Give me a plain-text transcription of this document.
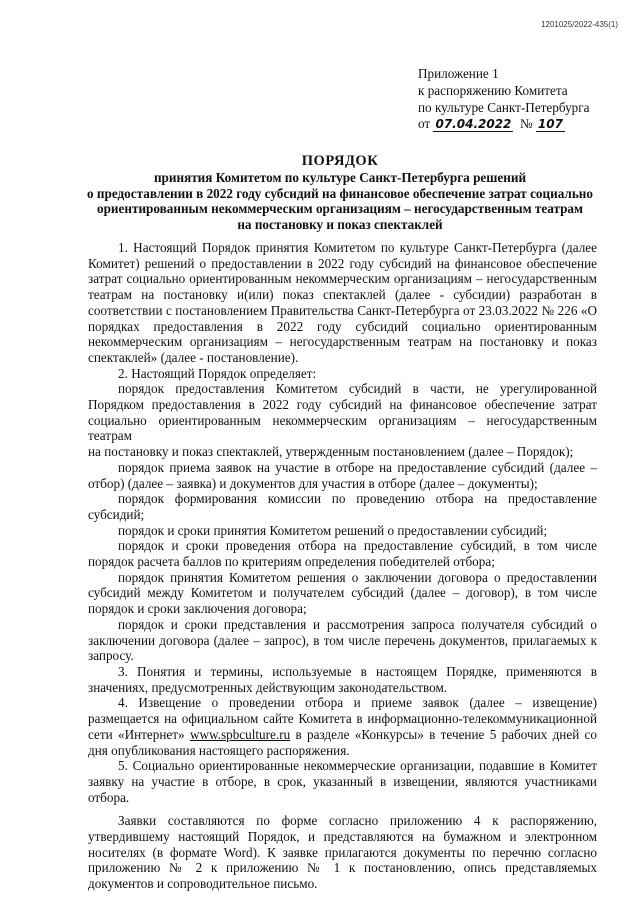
1201025/2022-435(1)
Приложение 1
к распоряжению Комитета
по культуре Санкт-Петербурга
от 07.04.2022 № 107
ПОРЯДОК
принятия Комитетом по культуре Санкт-Петербурга решений
о предоставлении в 2022 году субсидий на финансовое обеспечение затрат социально
ориентированным некоммерческим организациям – негосударственным театрам
на постановку и показ спектаклей

1. Настоящий Порядок принятия Комитетом по культуре Санкт-Петербурга (далее Комитет) решений о предоставлении в 2022 году субсидий на финансовое обеспечение затрат социально ориентированным некоммерческим организациям – негосударственным театрам на постановку и(или) показ спектаклей (далее - субсидии) разработан в соответствии с постановлением Правительства Санкт-Петербурга от 23.03.2022 № 226 «О порядках предоставления в 2022 году субсидий социально ориентированным некоммерческим организациям – негосударственным театрам на постановку и показ спектаклей» (далее - постановление).

2. Настоящий Порядок определяет:

порядок предоставления Комитетом субсидий в части, не урегулированной Порядком предоставления в 2022 году субсидий на финансовое обеспечение затрат социально ориентированным некоммерческим организациям – негосударственным театрам

на постановку и показ спектаклей, утвержденным постановлением (далее – Порядок);

порядок приема заявок на участие в отборе на предоставление субсидий (далее – отбор) (далее – заявка) и документов для участия в отборе (далее – документы);

порядок формирования комиссии по проведению отбора на предоставление субсидий;

порядок и сроки принятия Комитетом решений о предоставлении субсидий;

порядок и сроки проведения отбора на предоставление субсидий, в том числе порядок расчета баллов по критериям определения победителей отбора;

порядок принятия Комитетом решения о заключении договора о предоставлении субсидий между Комитетом и получателем субсидий (далее – договор), в том числе порядок и сроки заключения договора;

порядок и сроки представления и рассмотрения запроса получателя субсидий о заключении договора (далее – запрос), в том числе перечень документов, прилагаемых к запросу.

3. Понятия и термины, используемые в настоящем Порядке, применяются в значениях, предусмотренных действующим законодательством.

4. Извещение о проведении отбора и приеме заявок (далее – извещение) размещается на официальном сайте Комитета в информационно-телекоммуникационной сети «Интернет» www.spbculture.ru в разделе «Конкурсы» в течение 5 рабочих дней со дня опубликования настоящего распоряжения.

5. Социально ориентированные некоммерческие организации, подавшие в Комитет заявку на участие в отборе, в срок, указанный в извещении, являются участниками отбора.

Заявки составляются по форме согласно приложению 4 к распоряжению, утвердившему настоящий Порядок, и представляются на бумажном и электронном носителях (в формате Word). К заявке прилагаются документы по перечню согласно приложению № 2 к приложению № 1 к постановлению, опись представляемых документов и сопроводительное письмо.
